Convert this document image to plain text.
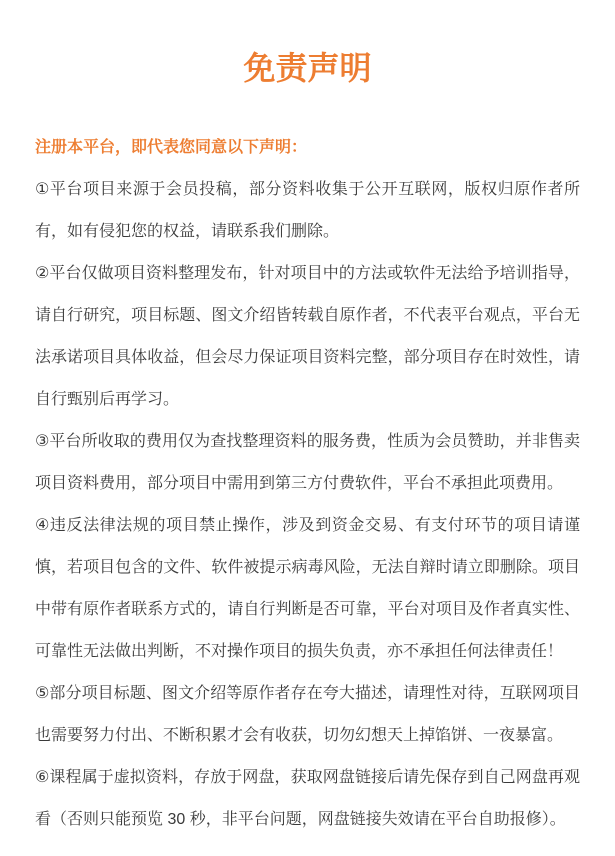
免责声明

注册本平台，即代表您同意以下声明：

①平台项目来源于会员投稿，部分资料收集于公开互联网，版权归原作者所有，如有侵犯您的权益，请联系我们删除。

②平台仅做项目资料整理发布，针对项目中的方法或软件无法给予培训指导，请自行研究，项目标题、图文介绍皆转载自原作者，不代表平台观点，平台无法承诺项目具体收益，但会尽力保证项目资料完整，部分项目存在时效性，请自行甄别后再学习。

③平台所收取的费用仅为查找整理资料的服务费，性质为会员赞助，并非售卖项目资料费用，部分项目中需用到第三方付费软件，平台不承担此项费用。

④违反法律法规的项目禁止操作，涉及到资金交易、有支付环节的项目请谨慎，若项目包含的文件、软件被提示病毒风险，无法自辩时请立即删除。项目中带有原作者联系方式的，请自行判断是否可靠，平台对项目及作者真实性、可靠性无法做出判断，不对操作项目的损失负责，亦不承担任何法律责任！

⑤部分项目标题、图文介绍等原作者存在夸大描述，请理性对待，互联网项目也需要努力付出、不断积累才会有收获，切勿幻想天上掉馅饼、一夜暴富。

⑥课程属于虚拟资料，存放于网盘，获取网盘链接后请先保存到自己网盘再观看（否则只能预览 30 秒，非平台问题，网盘链接失效请在平台自助报修）。
